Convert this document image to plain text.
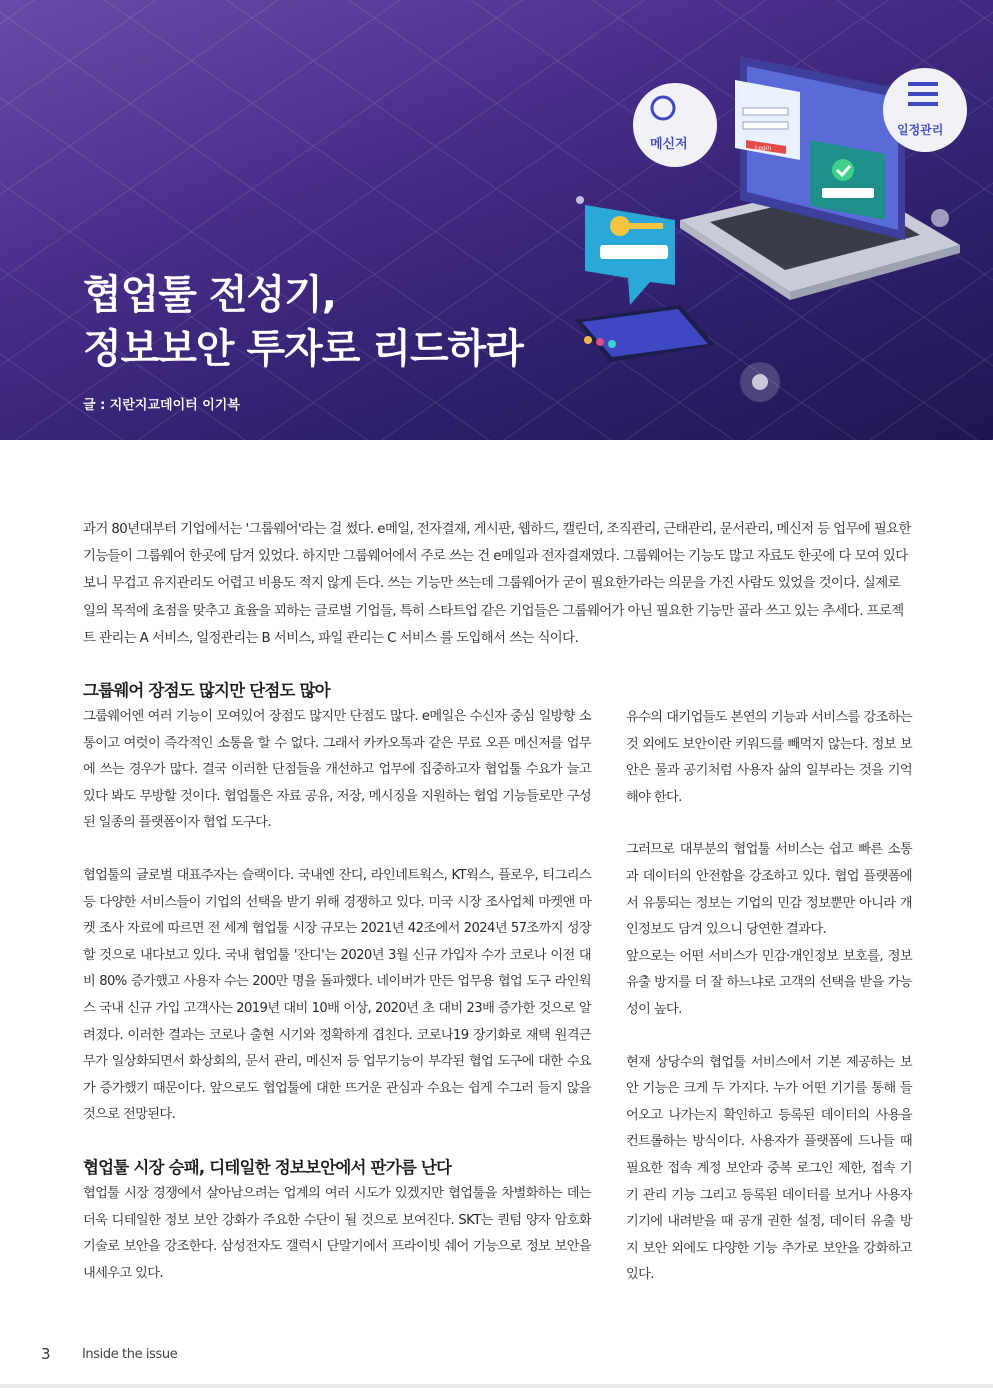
Login
메신저
일정관리
협업툴 전성기,
정보보안 투자로 리드하라
글 : 지란지교데이터 이기복

과거 80년대부터 기업에서는 '그룹웨어'라는 걸 썼다. e메일, 전자결재, 게시판, 웹하드, 캘린더, 조직관리, 근태관리, 문서관리, 메신저 등 업무에 필요한 기능들이 그룹웨어 한곳에 담겨 있었다. 하지만 그룹웨어에서 주로 쓰는 건 e메일과 전자결재였다. 그룹웨어는 기능도 많고 자료도 한곳에 다 모여 있다 보니 무겁고 유지관리도 어렵고 비용도 적지 않게 든다. 쓰는 기능만 쓰는데 그룹웨어가 굳이 필요한가라는 의문을 가진 사람도 있었을 것이다. 실제로 일의 목적에 초점을 맞추고 효율을 꾀하는 글로벌 기업들, 특히 스타트업 같은 기업들은 그룹웨어가 아닌 필요한 기능만 골라 쓰고 있는 추세다. 프로젝트 관리는 A 서비스, 일정관리는 B 서비스, 파일 관리는 C 서비스 를 도입해서 쓰는 식이다.

그룹웨어 장점도 많지만 단점도 많아

그룹웨어엔 여러 기능이 모여있어 장점도 많지만 단점도 많다. e메일은 수신자 중심 일방향 소통이고 여럿이 즉각적인 소통을 할 수 없다. 그래서 카카오톡과 같은 무료 오픈 메신저를 업무에 쓰는 경우가 많다. 결국 이러한 단점들을 개선하고 업무에 집중하고자 협업툴 수요가 늘고 있다 봐도 무방할 것이다. 협업툴은 자료 공유, 저장, 메시징을 지원하는 협업 기능들로만 구성된 일종의 플랫폼이자 협업 도구다.

협업툴의 글로벌 대표주자는 슬랙이다. 국내엔 잔디, 라인네트웍스, KT웍스, 플로우, 티그리스 등 다양한 서비스들이 기업의 선택을 받기 위해 경쟁하고 있다. 미국 시장 조사업체 마켓앤 마켓 조사 자료에 따르면 전 세계 협업툴 시장 규모는 2021년 42조에서 2024년 57조까지 성장할 것으로 내다보고 있다. 국내 협업툴 '잔디'는 2020년 3월 신규 가입자 수가 코로나 이전 대비 80% 증가했고 사용자 수는 200만 명을 돌파했다. 네이버가 만든 업무용 협업 도구 라인웍스 국내 신규 가입 고객사는 2019년 대비 10배 이상, 2020년 초 대비 23배 증가한 것으로 알려졌다. 이러한 결과는 코로나 출현 시기와 정확하게 겹친다. 코로나19 장기화로 재택 원격근무가 일상화되면서 화상회의, 문서 관리, 메신저 등 업무기능이 부각된 협업 도구에 대한 수요가 증가했기 때문이다. 앞으로도 협업툴에 대한 뜨거운 관심과 수요는 쉽게 수그러 들지 않을 것으로 전망된다.

협업툴 시장 승패, 디테일한 정보보안에서 판가름 난다

협업툴 시장 경쟁에서 살아남으려는 업계의 여러 시도가 있겠지만 협업툴을 차별화하는 데는 더욱 디테일한 정보 보안 강화가 주요한 수단이 될 것으로 보여진다. SKT는 퀀텀 양자 암호화 기술로 보안을 강조한다. 삼성전자도 갤럭시 단말기에서 프라이빗 쉐어 기능으로 정보 보안을 내세우고 있다.

유수의 대기업들도 본연의 기능과 서비스를 강조하는 것 외에도 보안이란 키워드를 빼먹지 않는다. 정보 보안은 물과 공기처럼 사용자 삶의 일부라는 것을 기억해야 한다.

그러므로 대부분의 협업툴 서비스는 쉽고 빠른 소통과 데이터의 안전함을 강조하고 있다. 협업 플랫폼에서 유통되는 정보는 기업의 민감 정보뿐만 아니라 개인정보도 담겨 있으니 당연한 결과다.

앞으로는 어떤 서비스가 민감·개인정보 보호를, 정보 유출 방지를 더 잘 하느냐로 고객의 선택을 받을 가능성이 높다.

현재 상당수의 협업툴 서비스에서 기본 제공하는 보안 기능은 크게 두 가지다. 누가 어떤 기기를 통해 들어오고 나가는지 확인하고 등록된 데이터의 사용을 컨트롤하는 방식이다. 사용자가 플랫폼에 드나들 때 필요한 접속 계정 보안과 중복 로그인 제한, 접속 기기 관리 기능 그리고 등록된 데이터를 보거나 사용자 기기에 내려받을 때 공개 권한 설정, 데이터 유출 방지 보안 외에도 다양한 기능 추가로 보안을 강화하고 있다.

3 Inside the issue
